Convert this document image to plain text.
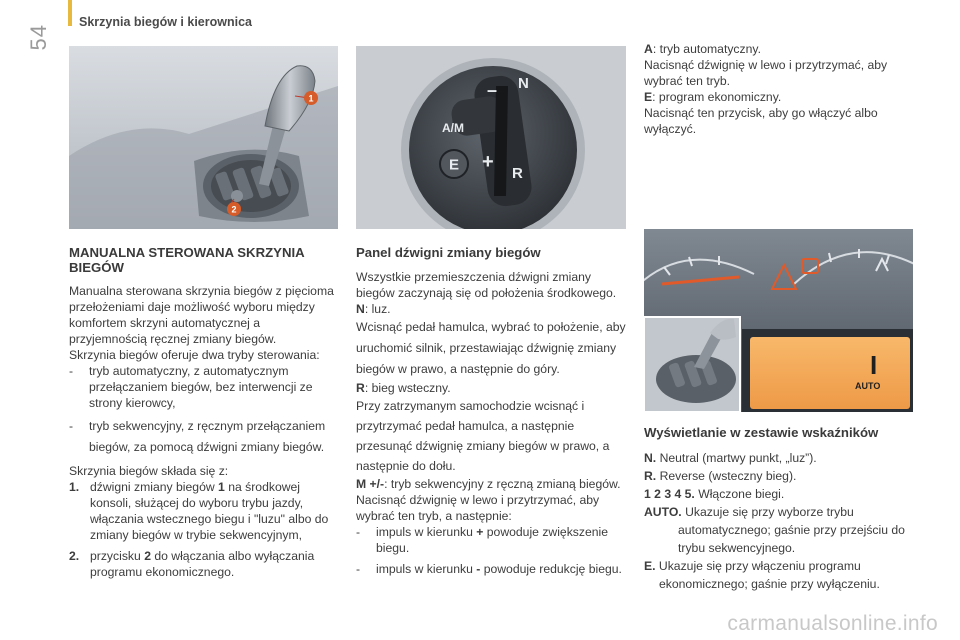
54
Skrzynia biegów i kierownica
1
2
N
–
A/M
+
E	R
I
AUTO
MANUALNA STEROWANA SKRZYNIA BIEGÓW

Manualna sterowana skrzynia biegów z pięcioma przełożeniami daje możliwość wyboru między komfortem skrzyni automatycznej a przyjemnością ręcznej zmiany biegów.

Skrzynia biegów oferuje dwa tryby sterowania:

-	tryb automatyczny, z automatycznym przełączaniem biegów, bez interwencji ze strony kierowcy,
-	tryb sekwencyjny, z ręcznym przełączaniem biegów, za pomocą dźwigni zmiany biegów.

Skrzynia biegów składa się z:

1. dźwigni zmiany biegów 1 na środkowej konsoli, służącej do wyboru trybu jazdy, włączania wstecznego biegu i "luzu" albo do zmiany biegów w trybie sekwencyjnym,
2. przycisku 2 do włączania albo wyłączania programu ekonomicznego.
Panel dźwigni zmiany biegów

Wszystkie przemieszczenia dźwigni zmiany biegów zaczynają się od położenia środkowego.

N: luz.

Wcisnąć pedał hamulca, wybrać to położenie, aby uruchomić silnik, przestawiając dźwignię zmiany biegów w prawo, a następnie do góry.

R: bieg wsteczny.

Przy zatrzymanym samochodzie wcisnąć i przytrzymać pedał hamulca, a następnie przesunąć dźwignię zmiany biegów w prawo, a następnie do dołu.

M +/-: tryb sekwencyjny z ręczną zmianą biegów.

Nacisnąć dźwignię w lewo i przytrzymać, aby wybrać ten tryb, a następnie:

-	impuls w kierunku + powoduje zwiększenie biegu.
-	impuls w kierunku - powoduje redukcję biegu.

A: tryb automatyczny.

Nacisnąć dźwignię w lewo i przytrzymać, aby wybrać ten tryb.

E: program ekonomiczny.

Nacisnąć ten przycisk, aby go włączyć albo wyłączyć.

Wyświetlanie w zestawie wskaźników

N. Neutral (martwy punkt, „luz”).

R. Reverse (wsteczny bieg).

1 2 3 4 5. Włączone biegi.

AUTO. Ukazuje się przy wyborze trybu automatycznego; gaśnie przy przejściu do trybu sekwencyjnego.

E. Ukazuje się przy włączeniu programu ekonomicznego; gaśnie przy wyłączeniu.

carmanualsonline.info
